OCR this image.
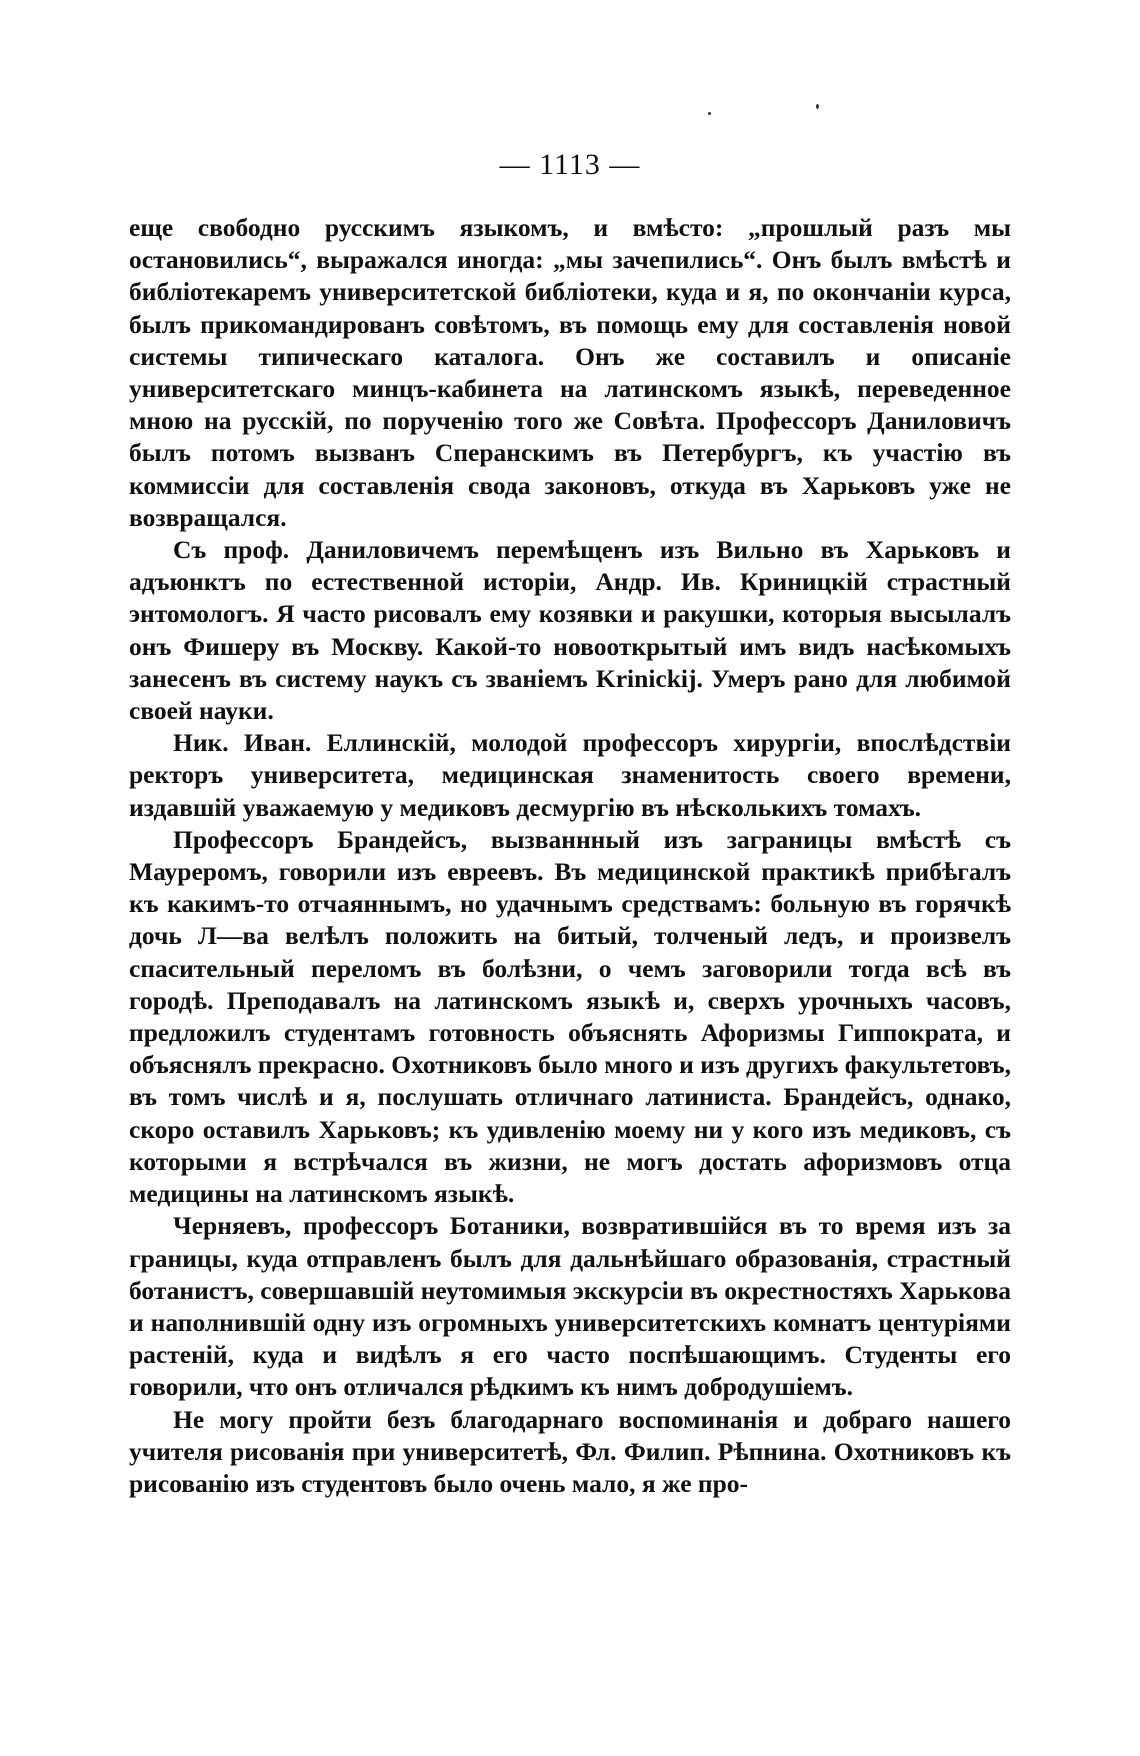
— 1113 —

еще свободно русскимъ языкомъ, и вмѣсто: „прошлый разъ мы остановились“, выражался иногда: „мы зачепились“. Онъ былъ вмѣстѣ и библіотекаремъ университетской библіотеки, куда и я, по окончаніи курса, былъ прикомандированъ совѣтомъ, въ помощь ему для составленія новой системы типическаго каталога. Онъ же составилъ и описаніе университетскаго минцъ-кабинета на латинскомъ языкѣ, переведенное мною на русскій, по порученію того же Совѣта. Профессоръ Даниловичъ былъ потомъ вызванъ Сперанскимъ въ Петербургъ, къ участію въ коммиссіи для составленія свода законовъ, откуда въ Харьковъ уже не возвращался.

Съ проф. Даниловичемъ перемѣщенъ изъ Вильно въ Харьковъ и адъюнктъ по естественной исторіи, Андр. Ив. Криницкій страстный энтомологъ. Я часто рисовалъ ему козявки и ракушки, которыя высылалъ онъ Фишеру въ Москву. Какой-то новооткрытый имъ видъ насѣкомыхъ занесенъ въ систему наукъ съ званіемъ Krinickij. Умеръ рано для любимой своей науки.

Ник. Иван. Еллинскій, молодой профессоръ хирургіи, впослѣдствіи ректоръ университета, медицинская знаменитость своего времени, издавшій уважаемую у медиковъ десмургію въ нѣсколькихъ томахъ.

Профессоръ Брандейсъ, вызваннный изъ заграницы вмѣстѣ съ Мауреромъ, говорили изъ евреевъ. Въ медицинской практикѣ прибѣгалъ къ какимъ-то отчаяннымъ, но удачнымъ средствамъ: больную въ горячкѣ дочь Л—ва велѣлъ положить на битый, толченый ледъ, и произвелъ спасительный переломъ въ болѣзни, о чемъ заговорили тогда всѣ въ городѣ. Преподавалъ на латинскомъ языкѣ и, сверхъ урочныхъ часовъ, предложилъ студентамъ готовность объяснять Афоризмы Гиппократа, и объяснялъ прекрасно. Охотниковъ было много и изъ другихъ факультетовъ, въ томъ числѣ и я, послушать отличнаго латиниста. Брандейсъ, однако, скоро оставилъ Харьковъ; къ удивленію моему ни у кого изъ медиковъ, съ которыми я встрѣчался въ жизни, не могъ достать афоризмовъ отца медицины на латинскомъ языкѣ.

Черняевъ, профессоръ Ботаники, возвратившійся въ то время изъ за границы, куда отправленъ былъ для дальнѣйшаго образованія, страстный ботанистъ, совершавшій неутомимыя экскурсіи въ окрестностяхъ Харькова и наполнившій одну изъ огромныхъ университетскихъ комнатъ центуріями растеній, куда и видѣлъ я его часто поспѣшающимъ. Студенты его говорили, что онъ отличался рѣдкимъ къ нимъ добродушіемъ.

Не могу пройти безъ благодарнаго воспоминанія и добраго нашего учителя рисованія при университетѣ, Фл. Филип. Рѣпнина. Охотниковъ къ рисованію изъ студентовъ было очень мало, я же про-
